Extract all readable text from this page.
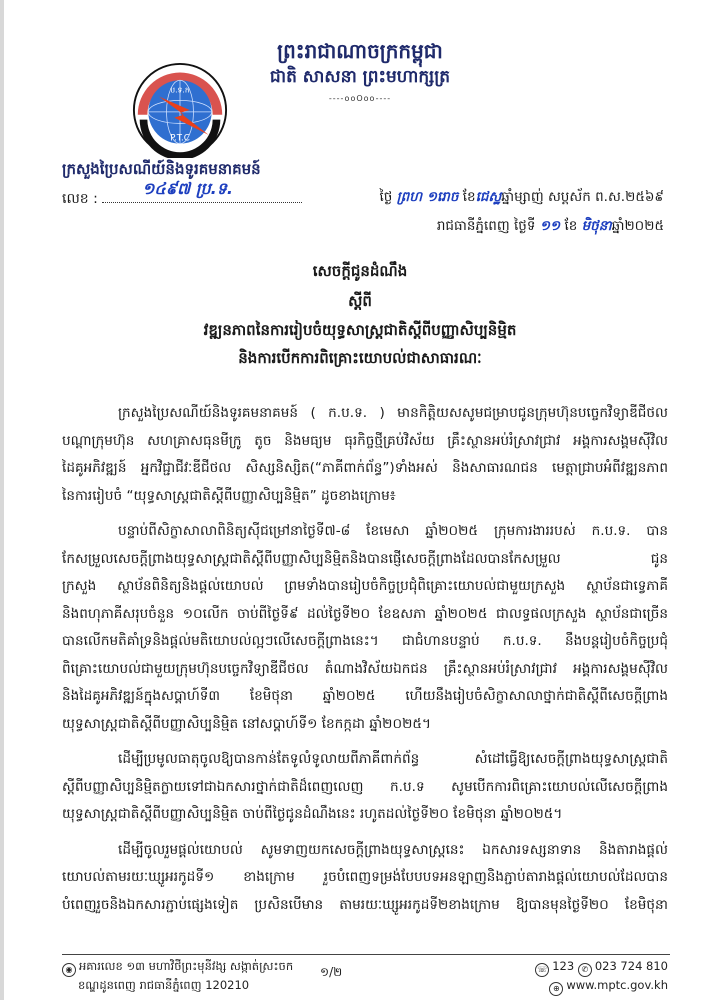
ព្រះរាជាណាចក្រកម្ពុជា
ជាតិ សាសនា ព្រះមហាក្សត្រ
----ooOoo----
ប.ទ.ក
P.T.C
ក្រសួងប្រៃសណីយ៍និងទូរគមនាគមន៍
លេខ :
១៤៩៧ ប្រ.ទ.	ថ្ងៃ ព្រហ ១រោច ខែជេស្ឋឆ្នាំម្សាញ់ សប្តស័ក ព.ស.២៥៦៩
រាជធានីភ្នំពេញ ថ្ងៃទី ១១ ខែ មិថុនាឆ្នាំ២០២៥
សេចក្តីជូនដំណឹង
ស្តីពី
វឌ្ឍនភាពនៃការរៀបចំយុទ្ធសាស្ត្រជាតិស្តីពីបញ្ញាសិប្បនិម្មិត
និងការបើកការពិគ្រោះយោបល់ជាសាធារណៈ
ក្រសួងប្រៃសណីយ៍និងទូរគមនាគមន៍ ( ក.ប.ទ. ) មានកិត្តិយសសូមជម្រាបជូនក្រុមហ៊ុនបច្ចេកវិទ្យាឌីជីថល
បណ្តាក្រុមហ៊ុន សហគ្រាសធុនមីក្រូ តូច និងមធ្យម ធុរកិច្ចថ្មីគ្រប់វិស័យ គ្រឹះស្ថានអប់រំស្រាវជ្រាវ អង្គការសង្គមស៊ីវិល
ដៃគូអភិវឌ្ឍន៍ អ្នកវិជ្ជាជីវៈឌីជីថល សិស្សនិស្សិត(“ភាគីពាក់ព័ន្ធ”)ទាំងអស់ និងសាធារណជន មេត្តាជ្រាបអំពីវឌ្ឍនភាព
នៃការរៀបចំ “យុទ្ធសាស្ត្រជាតិស្តីពីបញ្ញាសិប្បនិម្មិត” ដូចខាងក្រោម៖
បន្ទាប់ពីសិក្ខាសាលាពិនិត្យស៊ីជម្រៅនាថ្ងៃទី៧-៨ ខែមេសា ឆ្នាំ២០២៥ ក្រុមការងាររបស់ ក.ប.ទ. បាន
កែសម្រួលសេចក្តីព្រាងយុទ្ធសាស្ត្រជាតិស្តីពីបញ្ញាសិប្បនិម្មិតនិងបានផ្ញើសេចក្តីព្រាងដែលបានកែសម្រួល ជូន
ក្រសួង ស្ថាប័នពិនិត្យនិងផ្តល់យោបល់ ព្រមទាំងបានរៀបចំកិច្ចប្រជុំពិគ្រោះយោបល់ជាមួយក្រសួង ស្ថាប័នជាទ្វេភាគី
និងពហុភាគីសរុបចំនួន ១០លើក ចាប់ពីថ្ងៃទី៩ ដល់ថ្ងៃទី២០ ខែឧសភា ឆ្នាំ២០២៥ ជាលទ្ធផលក្រសួង ស្ថាប័នជាច្រើន
បានលើកមតិគាំទ្រនិងផ្តល់មតិយោបល់ល្អៗលើសេចក្តីព្រាងនេះ។ ជាជំហានបន្ទាប់ ក.ប.ទ. នឹងបន្តរៀបចំកិច្ចប្រជុំ
ពិគ្រោះយោបល់ជាមួយក្រុមហ៊ុនបច្ចេកវិទ្យាឌីជីថល តំណាងវិស័យឯកជន គ្រឹះស្ថានអប់រំស្រាវជ្រាវ អង្គការសង្គមស៊ីវិល
និងដៃគូអភិវឌ្ឍន៍ក្នុងសប្តាហ៍ទី៣ ខែមិថុនា ឆ្នាំ២០២៥ ហើយនឹងរៀបចំសិក្ខាសាលាថ្នាក់ជាតិស្តីពីសេចក្តីព្រាង
យុទ្ធសាស្ត្រជាតិស្តីពីបញ្ញាសិប្បនិម្មិត នៅសប្តាហ៍ទី១ ខែកក្កដា ឆ្នាំ២០២៥។
ដើម្បីប្រមូលធាតុចូលឱ្យបានកាន់តែទូលំទូលាយពីភាគីពាក់ព័ន្ធ សំដៅធ្វើឱ្យសេចក្តីព្រាងយុទ្ធសាស្ត្រជាតិ
ស្តីពីបញ្ញាសិប្បនិម្មិតក្លាយទៅជាឯកសារថ្នាក់ជាតិដ៏ពេញលេញ ក.ប.ទ សូមបើកការពិគ្រោះយោបល់លើសេចក្តីព្រាង
យុទ្ធសាស្ត្រជាតិស្តីពីបញ្ញាសិប្បនិម្មិត ចាប់ពីថ្ងៃជូនដំណឹងនេះ រហូតដល់ថ្ងៃទី២០ ខែមិថុនា ឆ្នាំ២០២៥។
ដើម្បីចូលរួមផ្តល់យោបល់ សូមទាញយកសេចក្តីព្រាងយុទ្ធសាស្ត្រនេះ ឯកសារទស្សនាទាន និងតារាងផ្តល់
យោបល់តាមរយៈឃ្សូអរកូដទី១ ខាងក្រោម រួចបំពេញទម្រង់បែបបទអនឡាញនិងភ្ជាប់តារាងផ្តល់យោបល់ដែលបាន
បំពេញរួចនិងឯកសារភ្ជាប់ផ្សេងទៀត ប្រសិនបើមាន តាមរយៈឃ្សូអរកូដទី២ខាងក្រោម ឱ្យបានមុនថ្ងៃទី២០ ខែមិថុនា
◉ អគារលេខ ១៣ មហាវិថីព្រះមុនីវង្ស សង្កាត់ស្រះចក
ខណ្ឌដូនពេញ រាជធានីភ្នំពេញ 120210
១/២	☏ 123 ✆ 023 724 810
⊕ www.mptc.gov.kh
